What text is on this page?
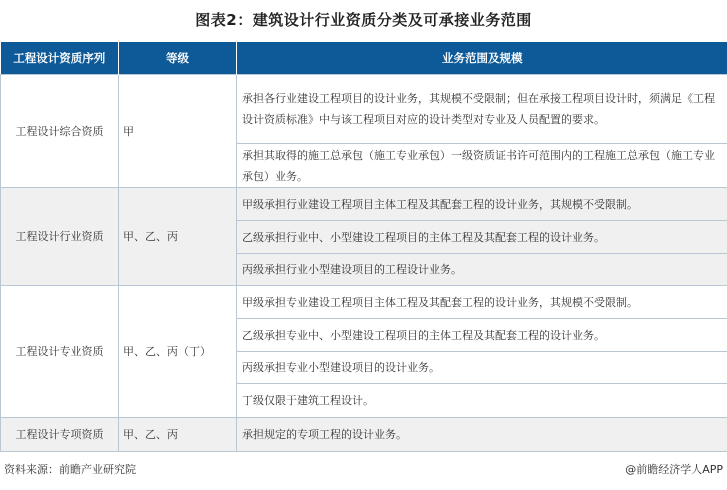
图表2：建筑设计行业资质分类及可承接业务范围
工程设计资质序列	等级	业务范围及规模
工程设计综合资质	甲	承担各行业建设工程项目的设计业务，其规模不受限制；但在承接工程项目设计时，须满足《工程设计资质标准》中与该工程项目对应的设计类型对专业及人员配置的要求。
		承担其取得的施工总承包（施工专业承包）一级资质证书许可范围内的工程施工总承包（施工专业承包）业务。
工程设计行业资质	甲、乙、丙	甲级承担行业建设工程项目主体工程及其配套工程的设计业务，其规模不受限制。
		乙级承担行业中、小型建设工程项目的主体工程及其配套工程的设计业务。
		丙级承担行业小型建设项目的工程设计业务。
工程设计专业资质	甲、乙、丙（丁）	甲级承担专业建设工程项目主体工程及其配套工程的设计业务，其规模不受限制。
		乙级承担专业中、小型建设工程项目的主体工程及其配套工程的设计业务。
		丙级承担专业小型建设项目的设计业务。
		丁级仅限于建筑工程设计。
工程设计专项资质	甲、乙、丙	承担规定的专项工程的设计业务。
资料来源：前瞻产业研究院	@前瞻经济学人APP
